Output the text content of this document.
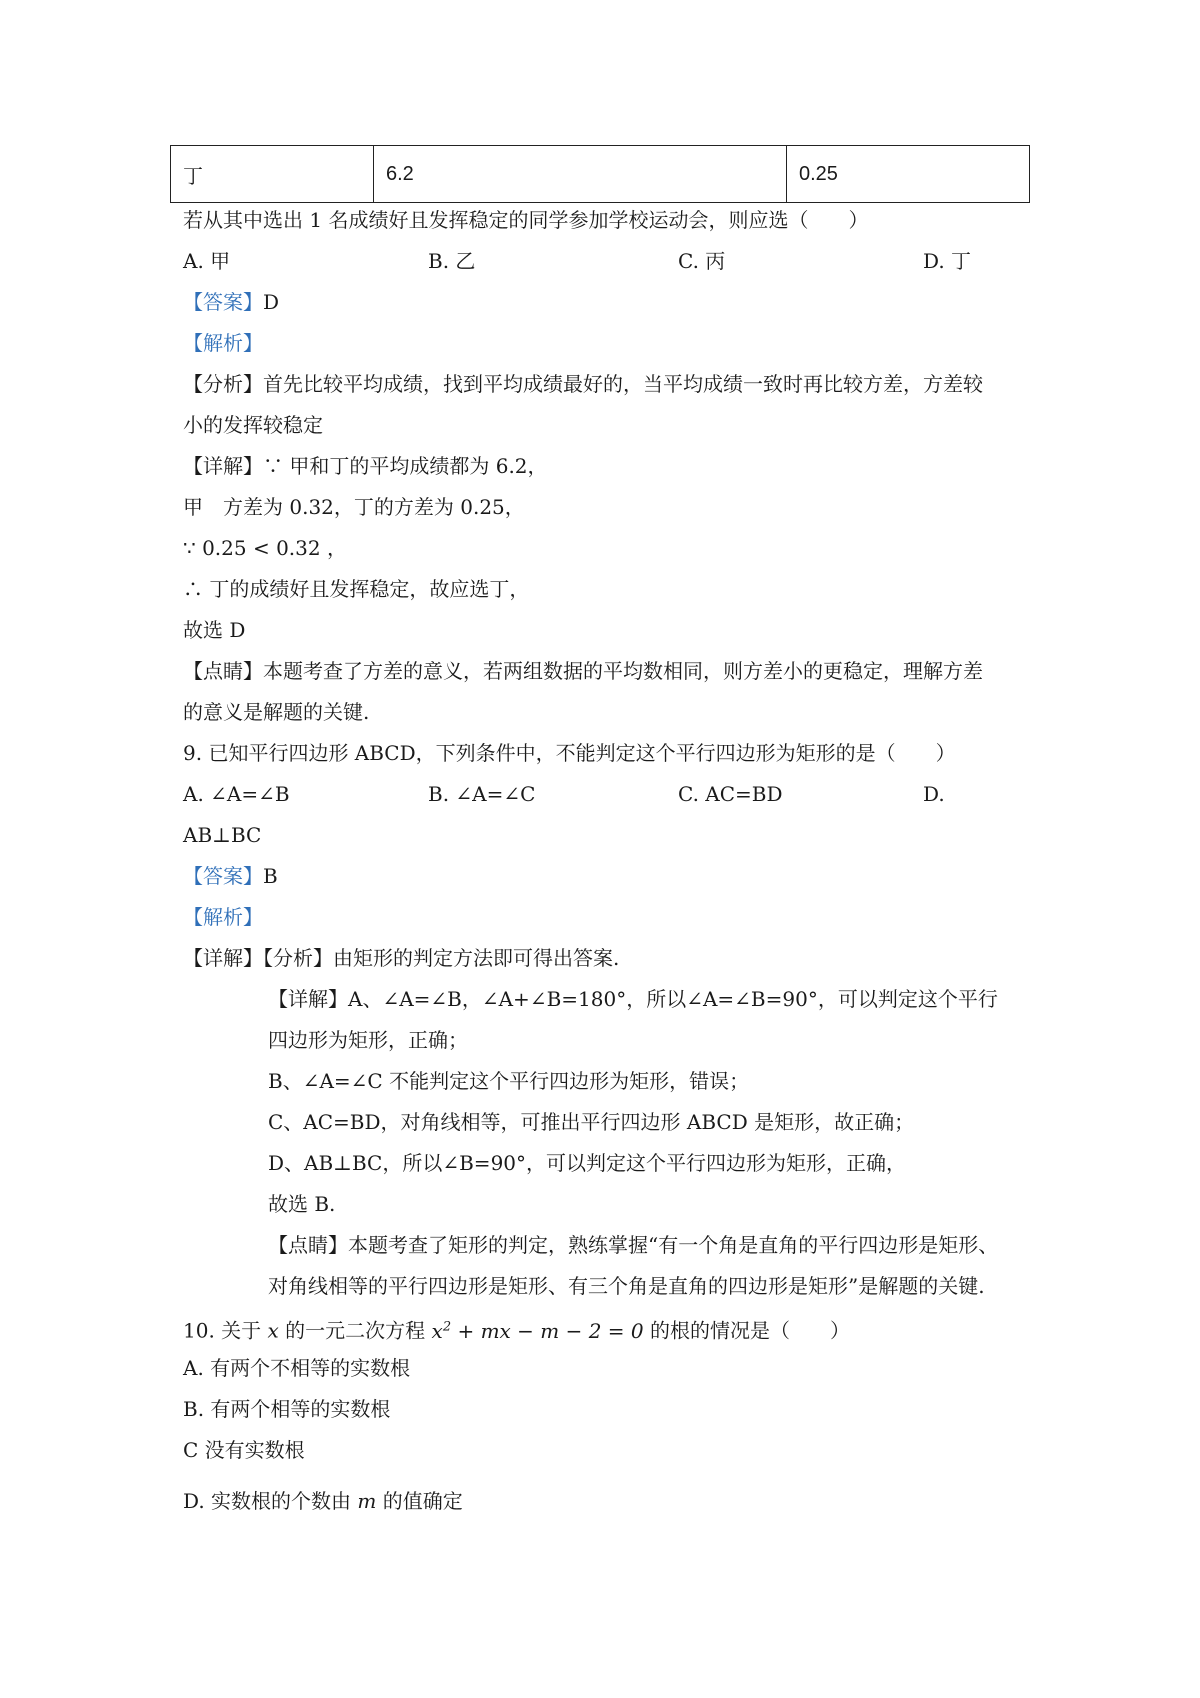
丁	6.2	0.25
若从其中选出 1 名成绩好且发挥稳定的同学参加学校运动会，则应选（　　）
A. 甲	B. 乙	C. 丙	D. 丁
【答案】D
【解析】
【分析】首先比较平均成绩，找到平均成绩最好的，当平均成绩一致时再比较方差，方差较
小的发挥较稳定
【详解】∵ 甲和丁的平均成绩都为 6.2，
甲　方差为 0.32，丁的方差为 0.25，
∵ 0.25 < 0.32 ，
∴ 丁的成绩好且发挥稳定，故应选丁，
故选 D
【点睛】本题考查了方差的意义，若两组数据的平均数相同，则方差小的更稳定，理解方差
的意义是解题的关键.
9. 已知平行四边形 ABCD，下列条件中，不能判定这个平行四边形为矩形的是（　　）
A. ∠A=∠B	B. ∠A=∠C	C. AC=BD	D.
AB⊥BC
【答案】B
【解析】
【详解】【分析】由矩形的判定方法即可得出答案.
【详解】A、∠A=∠B，∠A+∠B=180°，所以∠A=∠B=90°，可以判定这个平行
四边形为矩形，正确；
B、∠A=∠C 不能判定这个平行四边形为矩形，错误；
C、AC=BD，对角线相等，可推出平行四边形 ABCD 是矩形，故正确；
D、AB⊥BC，所以∠B=90°，可以判定这个平行四边形为矩形，正确，
故选 B.
【点睛】本题考查了矩形的判定，熟练掌握“有一个角是直角的平行四边形是矩形、
对角线相等的平行四边形是矩形、有三个角是直角的四边形是矩形”是解题的关键.
10. 关于 x 的一元二次方程 $x^2$ + mx − m − 2 = 0 的根的情况是（　　）
A. 有两个不相等的实数根
B. 有两个相等的实数根
C 没有实数根
D. 实数根的个数由 m 的值确定
